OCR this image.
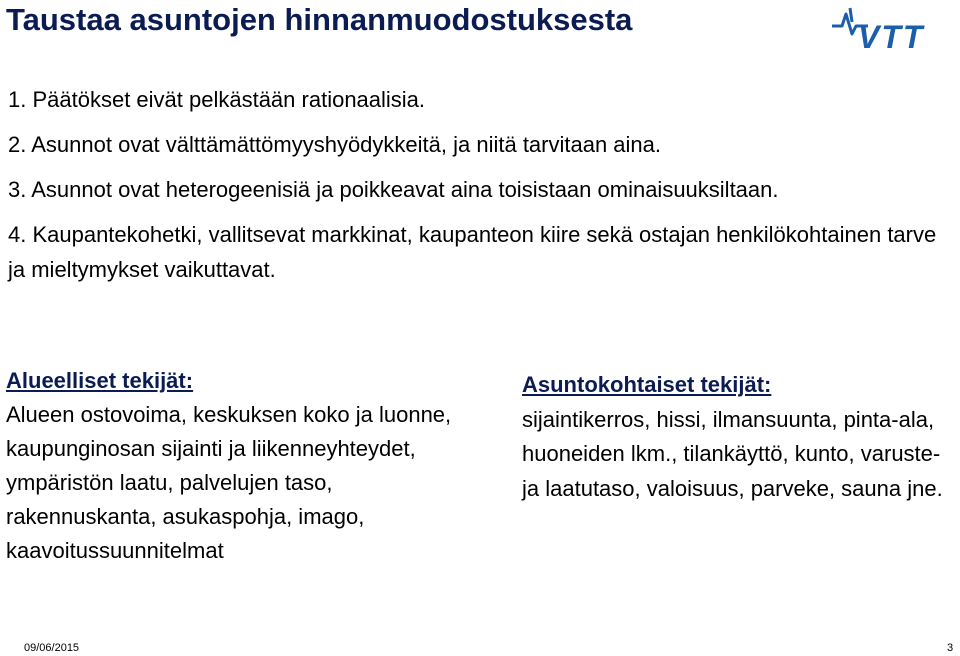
Taustaa asuntojen hinnanmuodostuksesta	VTT

1. Päätökset eivät pelkästään rationaalisia.

2. Asunnot ovat välttämättömyyshyödykkeitä, ja niitä tarvitaan aina.

3. Asunnot ovat heterogeenisiä ja poikkeavat aina toisistaan ominaisuuksiltaan.

4. Kaupantekohetki, vallitsevat markkinat, kaupanteon kiire sekä ostajan henkilökohtainen tarve ja mieltymykset vaikuttavat.

Alueelliset tekijät:
Alueen ostovoima, keskuksen koko ja luonne, kaupunginosan sijainti ja liikenneyhteydet, ympäristön laatu, palvelujen taso, rakennuskanta, asukaspohja, imago, kaavoitussuunnitelmat
Asuntokohtaiset tekijät:
sijaintikerros, hissi, ilmansuunta, pinta-ala, huoneiden lkm., tilankäyttö, kunto, varuste- ja laatutaso, valoisuus, parveke, sauna jne.
09/06/2015	3
